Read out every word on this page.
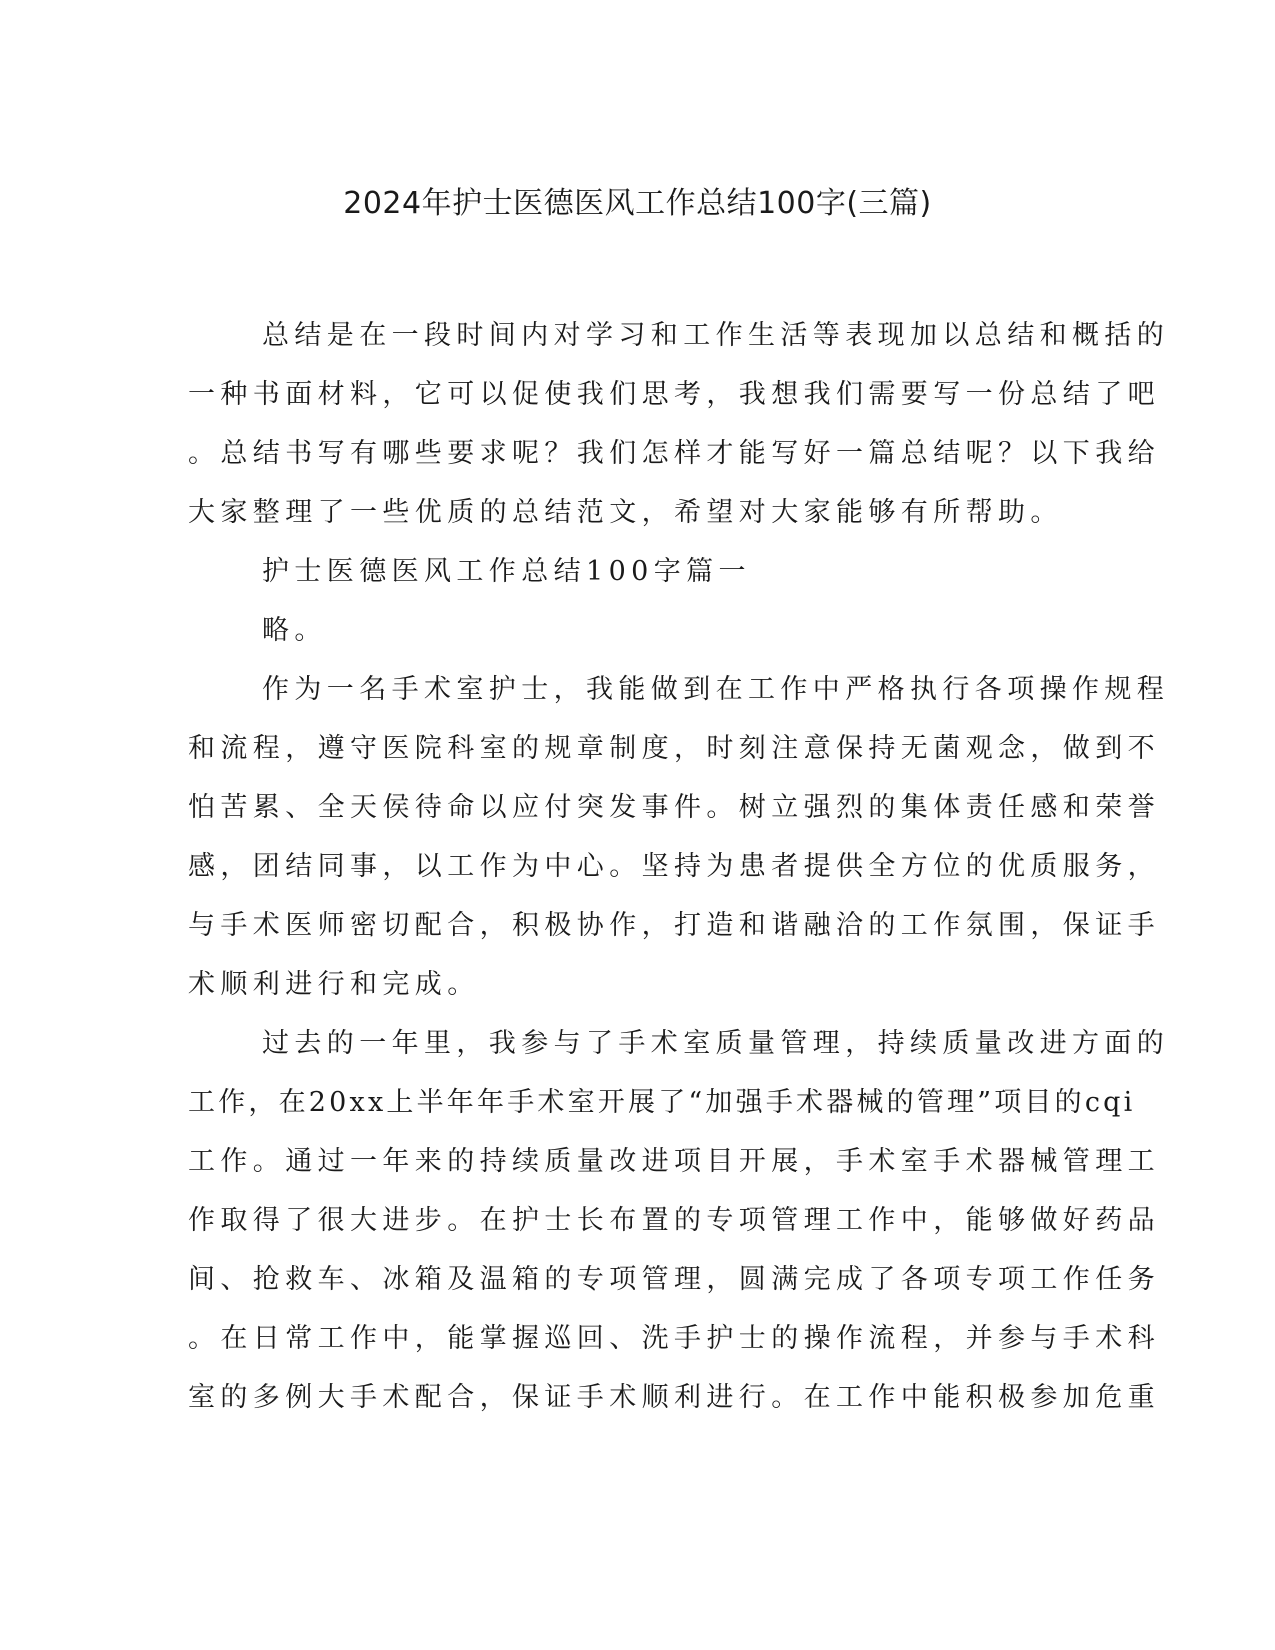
2024年护士医德医风工作总结100字(三篇)
总结是在一段时间内对学习和工作生活等表现加以总结和概括的
一种书面材料，它可以促使我们思考，我想我们需要写一份总结了吧
。总结书写有哪些要求呢？我们怎样才能写好一篇总结呢？以下我给
大家整理了一些优质的总结范文，希望对大家能够有所帮助。
护士医德医风工作总结100字篇一
略。
作为一名手术室护士，我能做到在工作中严格执行各项操作规程
和流程，遵守医院科室的规章制度，时刻注意保持无菌观念，做到不
怕苦累、全天侯待命以应付突发事件。树立强烈的集体责任感和荣誉
感，团结同事，以工作为中心。坚持为患者提供全方位的优质服务，
与手术医师密切配合，积极协作，打造和谐融洽的工作氛围，保证手
术顺利进行和完成。
过去的一年里，我参与了手术室质量管理，持续质量改进方面的
工作，在20xx上半年年手术室开展了“加强手术器械的管理”项目的cqi
工作。通过一年来的持续质量改进项目开展，手术室手术器械管理工
作取得了很大进步。在护士长布置的专项管理工作中，能够做好药品
间、抢救车、冰箱及温箱的专项管理，圆满完成了各项专项工作任务
。在日常工作中，能掌握巡回、洗手护士的操作流程，并参与手术科
室的多例大手术配合，保证手术顺利进行。在工作中能积极参加危重
